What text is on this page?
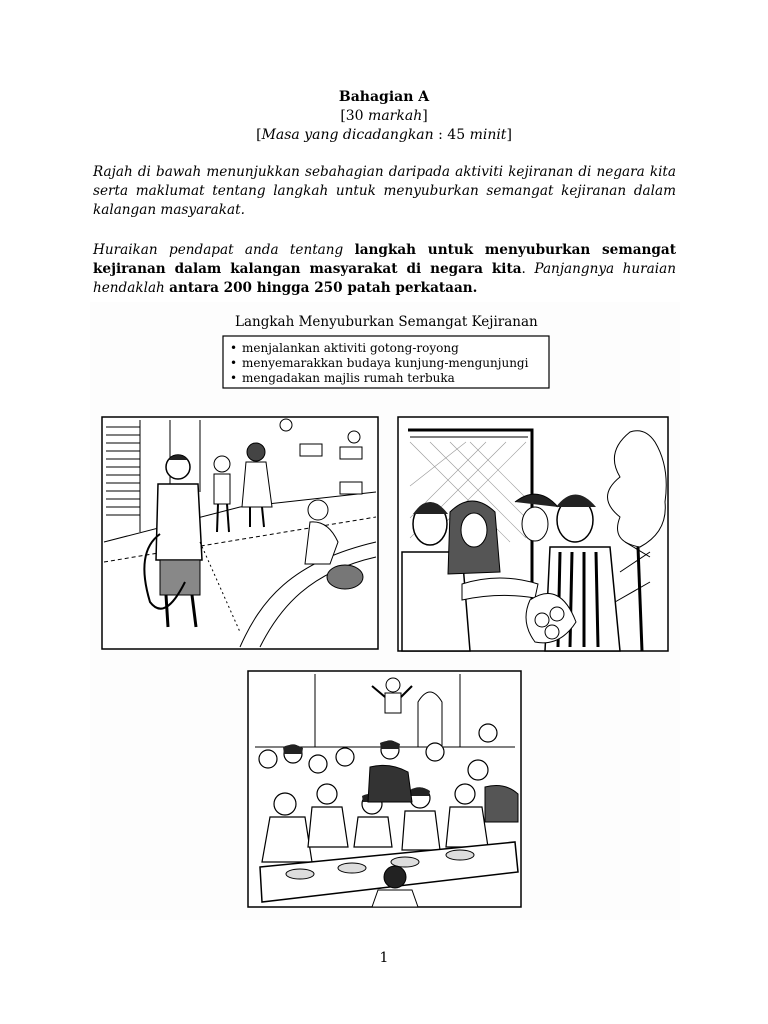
Bahagian A
[30 markah]
[Masa yang dicadangkan : 45 minit]
Rajah di bawah menunjukkan sebahagian daripada aktiviti kejiranan di negara kita serta maklumat tentang langkah untuk menyuburkan semangat kejiranan dalam kalangan masyarakat.
Huraikan pendapat anda tentang langkah untuk menyuburkan semangat kejiranan dalam kalangan masyarakat di negara kita. Panjangnya huraian hendaklah antara 200 hingga 250 patah perkataan.
Langkah Menyuburkan Semangat Kejiranan
• menjalankan aktiviti gotong-royong
• menyemarakkan budaya kunjung-mengunjungi
• mengadakan majlis rumah terbuka
1
